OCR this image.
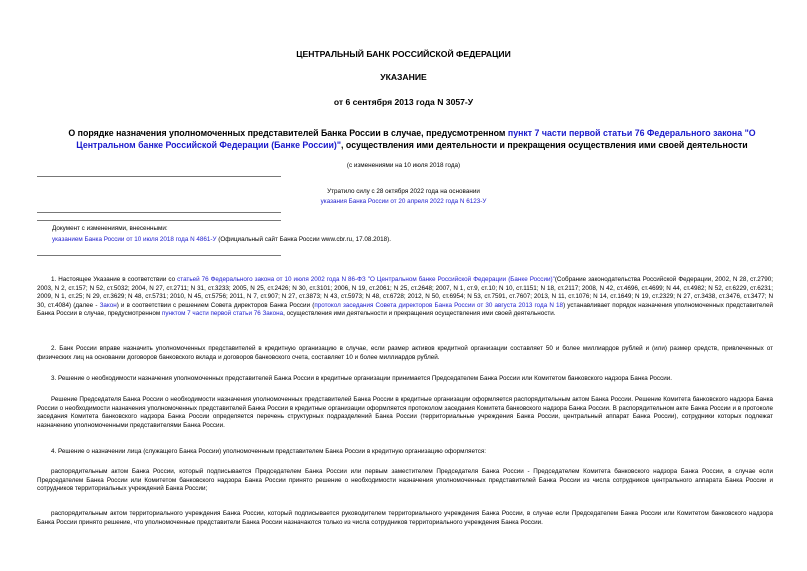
ЦЕНТРАЛЬНЫЙ БАНК РОССИЙСКОЙ ФЕДЕРАЦИИ
УКАЗАНИЕ
от 6 сентября 2013 года N 3057-У
О порядке назначения уполномоченных представителей Банка России в случае, предусмотренном пункт 7 части первой статьи 76 Федерального закона "О Центральном банке Российской Федерации (Банке России)", осуществления ими деятельности и прекращения осуществления ими своей деятельности
(с изменениями на 10 июля 2018 года)
Утратило силу с 28 октября 2022 года на основании
указания Банка России от 20 апреля 2022 года N 6123-У
Документ с изменениями, внесенными:
указанием Банка России от 10 июля 2018 года N 4861-У (Официальный сайт Банка России www.cbr.ru, 17.08.2018).

1. Настоящее Указание в соответствии со статьей 76 Федерального закона от 10 июля 2002 года N 86-ФЗ "О Центральном банке Российской Федерации (Банке России)"(Собрание законодательства Российской Федерации, 2002, N 28, ст.2790; 2003, N 2, ст.157; N 52, ст.5032; 2004, N 27, ст.2711; N 31, ст.3233; 2005, N 25, ст.2426; N 30, ст.3101; 2006, N 19, ст.2061; N 25, ст.2648; 2007, N 1, ст.9, ст.10; N 10, ст.1151; N 18, ст.2117; 2008, N 42, ст.4696, ст.4699; N 44, ст.4982; N 52, ст.6229, ст.6231; 2009, N 1, ст.25; N 29, ст.3629; N 48, ст.5731; 2010, N 45, ст.5756; 2011, N 7, ст.907; N 27, ст.3873; N 43, ст.5973; N 48, ст.6728; 2012, N 50, ст.6954; N 53, ст.7591, ст.7607; 2013, N 11, ст.1076; N 14, ст.1649; N 19, ст.2329; N 27, ст.3438, ст.3476, ст.3477; N 30, ст.4084) (далее - Закон) и в соответствии с решением Совета директоров Банка России (протокол заседания Совета директоров Банка России от 30 августа 2013 года N 18) устанавливает порядок назначения уполномоченных представителей Банка России в случае, предусмотренном пунктом 7 части первой статьи 76 Закона, осуществления ими деятельности и прекращения осуществления ими своей деятельности.

2. Банк России вправе назначить уполномоченных представителей в кредитную организацию в случае, если размер активов кредитной организации составляет 50 и более миллиардов рублей и (или) размер средств, привлеченных от физических лиц на основании договоров банковского вклада и договоров банковского счета, составляет 10 и более миллиардов рублей.
3. Решение о необходимости назначения уполномоченных представителей Банка России в кредитные организации принимается Председателем Банка России или Комитетом банковского надзора Банка России.
Решение Председателя Банка России о необходимости назначения уполномоченных представителей Банка России в кредитные организации оформляется распорядительным актом Банка России. Решение Комитета банковского надзора Банка России о необходимости назначения уполномоченных представителей Банка России в кредитные организации оформляется протоколом заседания Комитета банковского надзора Банка России. В распорядительном акте Банка России и в протоколе заседания Комитета банковского надзора Банка России определяется перечень структурных подразделений Банка России (территориальные учреждения Банка России, центральный аппарат Банка России), сотрудники которых подлежат назначению уполномоченными представителями Банка России.
4. Решение о назначении лица (служащего Банка России) уполномоченным представителем Банка России в кредитную организацию оформляется:
распорядительным актом Банка России, который подписывается Председателем Банка России или первым заместителем Председателя Банка России - Председателем Комитета банковского надзора Банка России, в случае если Председателем Банка России или Комитетом банковского надзора Банка России принято решение о необходимости назначения уполномоченных представителей Банка России из числа сотрудников центрального аппарата Банка России и сотрудников территориальных учреждений Банка России;
распорядительным актом территориального учреждения Банка России, который подписывается руководителем территориального учреждения Банка России, в случае если Председателем Банка России или Комитетом банковского надзора Банка России принято решение, что уполномоченные представители Банка России назначаются только из числа сотрудников территориального учреждения Банка России.
